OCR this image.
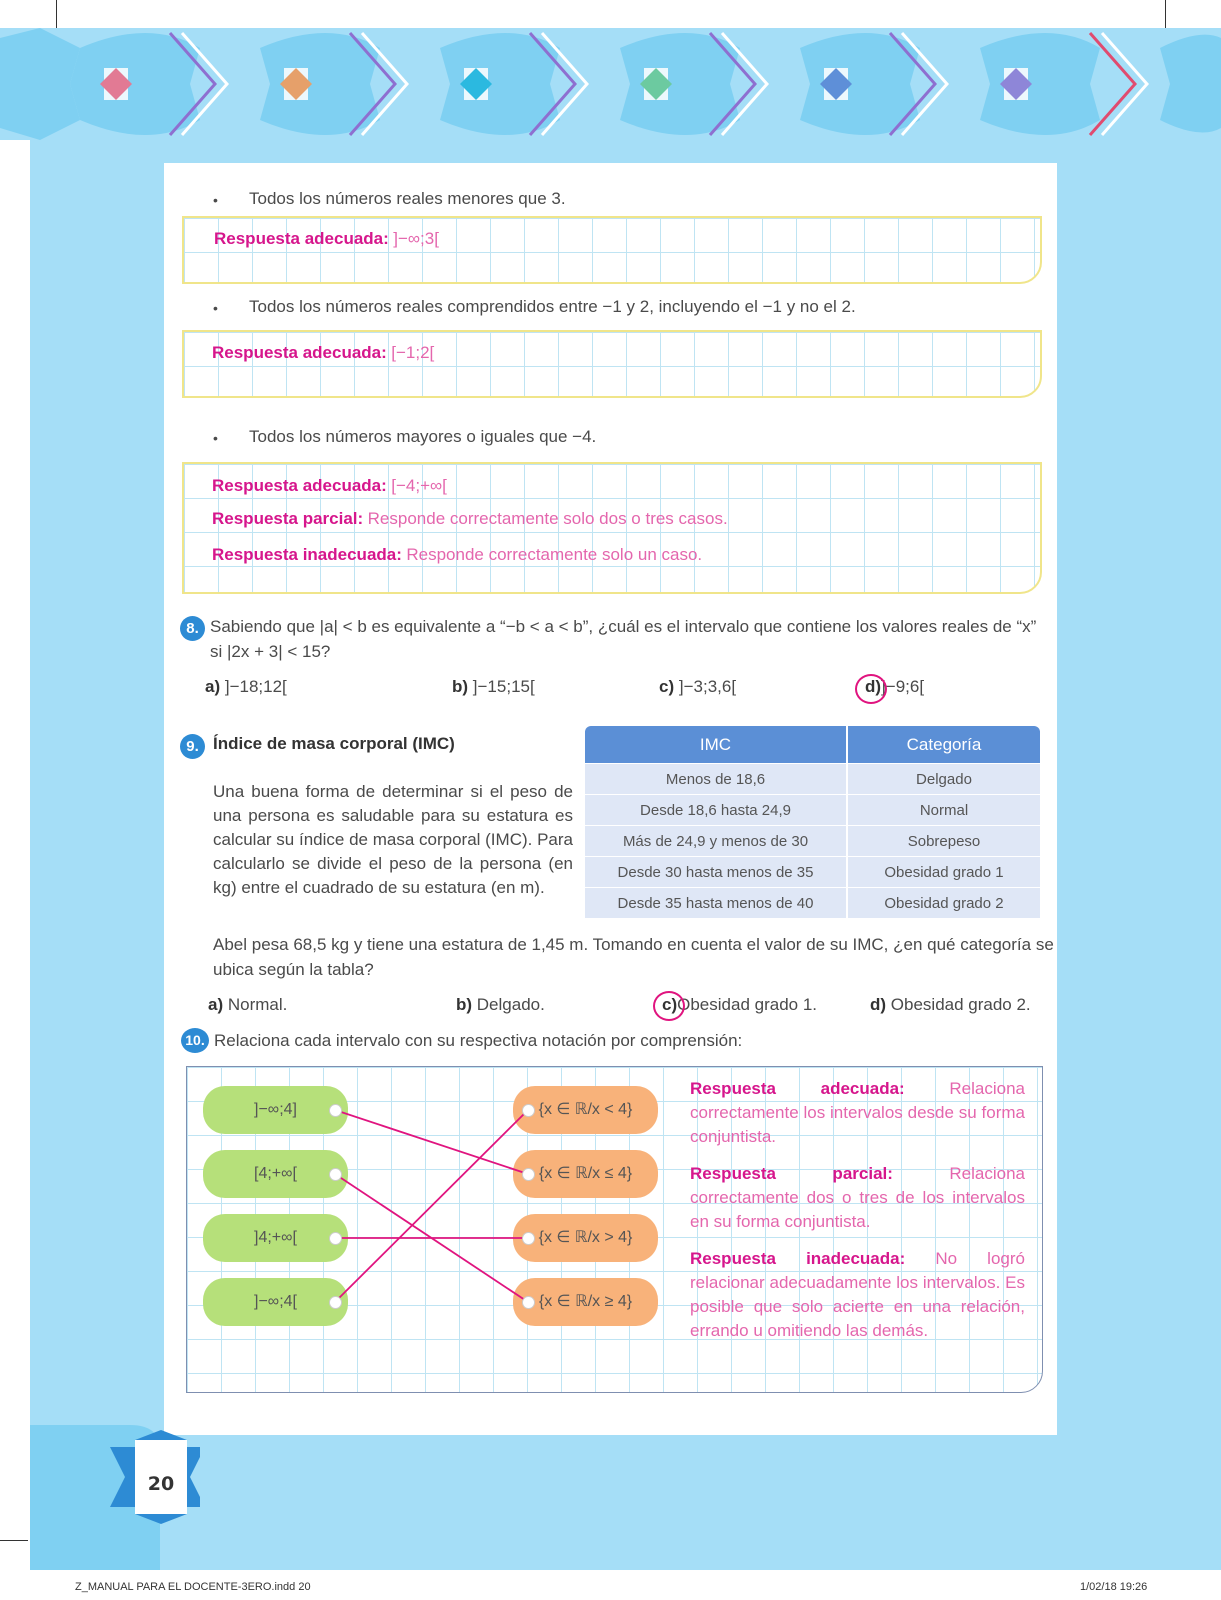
• Todos los números reales menores que 3.
Respuesta adecuada: ]−∞;3[
• Todos los números reales comprendidos entre −1 y 2, incluyendo el −1 y no el 2.
Respuesta adecuada: [−1;2[
• Todos los números mayores o iguales que −4.
Respuesta adecuada: [−4;+∞[
Respuesta parcial: Responde correctamente solo dos o tres casos.
Respuesta inadecuada: Responde correctamente solo un caso.
8. Sabiendo que |a| < b es equivalente a “−b < a < b”, ¿cuál es el intervalo que contiene los valores reales de “x”
si |2x + 3| < 15?
a) ]−18;12[	b) ]−15;15[	c) ]−3;3,6[	d)]−9;6[
9. Índice de masa corporal (IMC)
Una buena forma de determinar si el peso de una persona es saludable para su estatura es calcular su índice de masa corporal (IMC). Para calcularlo se divide el peso de la persona (en kg) entre el cuadrado de su estatura (en m).
IMC	Categoría
Menos de 18,6	Delgado
Desde 18,6 hasta 24,9	Normal
Más de 24,9 y menos de 30	Sobrepeso
Desde 30 hasta menos de 35	Obesidad grado 1
Desde 35 hasta menos de 40	Obesidad grado 2
Abel pesa 68,5 kg y tiene una estatura de 1,45 m. Tomando en cuenta el valor de su IMC, ¿en qué categoría se
ubica según la tabla?
a) Normal.	b) Delgado.	c)Obesidad grado 1.	d) Obesidad grado 2.
10. Relaciona cada intervalo con su respectiva notación por comprensión:
]−∞;4]
[4;+∞[
]4;+∞[
]−∞;4[
{x ∈ ℝ/x < 4}
{x ∈ ℝ/x ≤ 4}
{x ∈ ℝ/x > 4}
{x ∈ ℝ/x ≥ 4}
Respuesta adecuada:	Relaciona correctamente los intervalos desde su forma conjuntista.
Respuesta parcial:	Relaciona correctamente dos o tres de los intervalos en su forma conjuntista.
Respuesta inadecuada: No logró relacionar adecuadamente los intervalos. Es posible que solo acierte en una relación, errando u omitiendo las demás.
20
Z_MANUAL PARA EL DOCENTE-3ERO.indd 20	1/02/18 19:26
